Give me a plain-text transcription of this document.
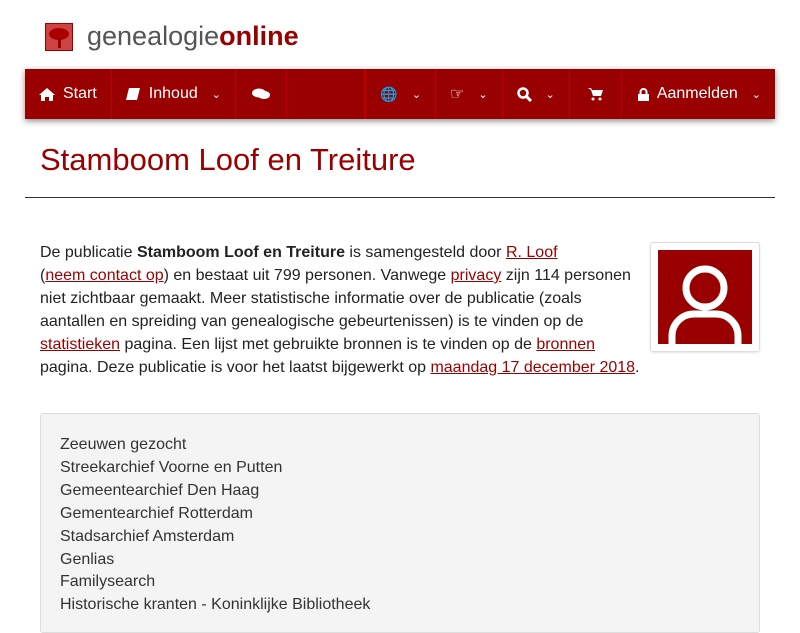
genealogieonline
Start	Inhoud ⌄	🌐 ⌄ ☞ ⌄	⌄	Aanmelden ⌄
Stamboom Loof en Treiture
De publicatie Stamboom Loof en Treiture is samengesteld door R. Loof
(neem contact op) en bestaat uit 799 personen. Vanwege privacy zijn 114 personen niet zichtbaar gemaakt. Meer statistische informatie over de publicatie (zoals aantallen en spreiding van genealogische gebeurtenissen) is te vinden op de statistieken pagina. Een lijst met gebruikte bronnen is te vinden op de bronnen pagina. Deze publicatie is voor het laatst bijgewerkt op maandag 17 december 2018.
Zeeuwen gezocht
Streekarchief Voorne en Putten
Gemeentearchief Den Haag
Gementearchief Rotterdam
Stadsarchief Amsterdam
Genlias
Familysearch
Historische kranten - Koninklijke Bibliotheek
